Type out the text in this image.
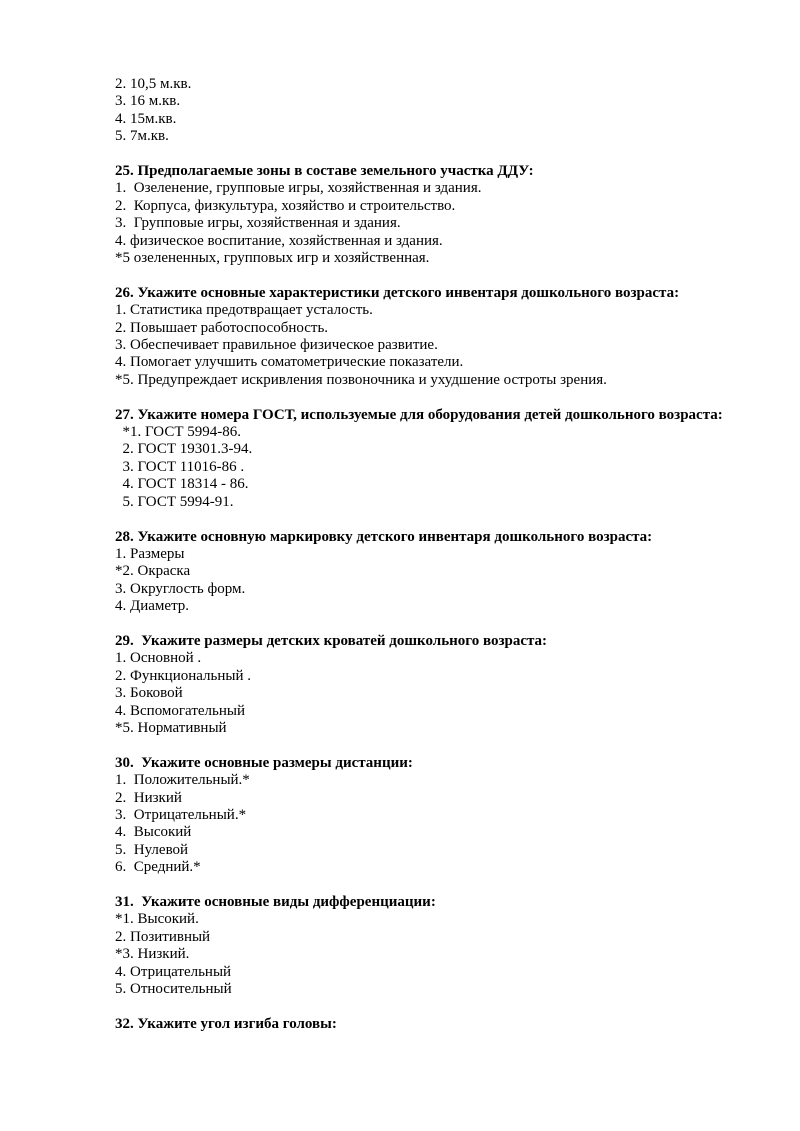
2. 10,5 м.кв.
3. 16 м.кв.
4. 15м.кв.
5. 7м.кв.
25. Предполагаемые зоны в составе земельного участка ДДУ:
1.  Озеленение, групповые игры, хозяйственная и здания.
2.  Корпуса, физкультура, хозяйство и строительство.
3.  Групповые игры, хозяйственная и здания.
4. физическое воспитание, хозяйственная и здания.
*5 озелененных, групповых игр и хозяйственная.
26. Укажите основные характеристики детского инвентаря дошкольного возраста:
1. Статистика предотвращает усталость.
2. Повышает работоспособность.
3. Обеспечивает правильное физическое развитие.
4. Помогает улучшить соматометрические показатели.
*5. Предупреждает искривления позвоночника и ухудшение остроты зрения.
27. Укажите номера ГОСТ, используемые для оборудования детей дошкольного возраста:
*1. ГОСТ 5994-86.
2. ГОСТ 19301.3-94.
3. ГОСТ 11016-86 .
4. ГОСТ 18314 - 86.
5. ГОСТ 5994-91.
28. Укажите основную маркировку детского инвентаря дошкольного возраста:
1. Размеры
*2. Окраска
3. Округлость форм.
4. Диаметр.
29.  Укажите размеры детских кроватей дошкольного возраста:
1. Основной .
2. Функциональный .
3. Боковой
4. Вспомогательный
*5. Нормативный
30.  Укажите основные размеры дистанции:
1.  Положительный.*
2.  Низкий
3.  Отрицательный.*
4.  Высокий
5.  Нулевой
6.  Средний.*
31.  Укажите основные виды дифференциации:
*1. Высокий.
2. Позитивный
*3. Низкий.
4. Отрицательный
5. Относительный
32. Укажите угол изгиба головы:
